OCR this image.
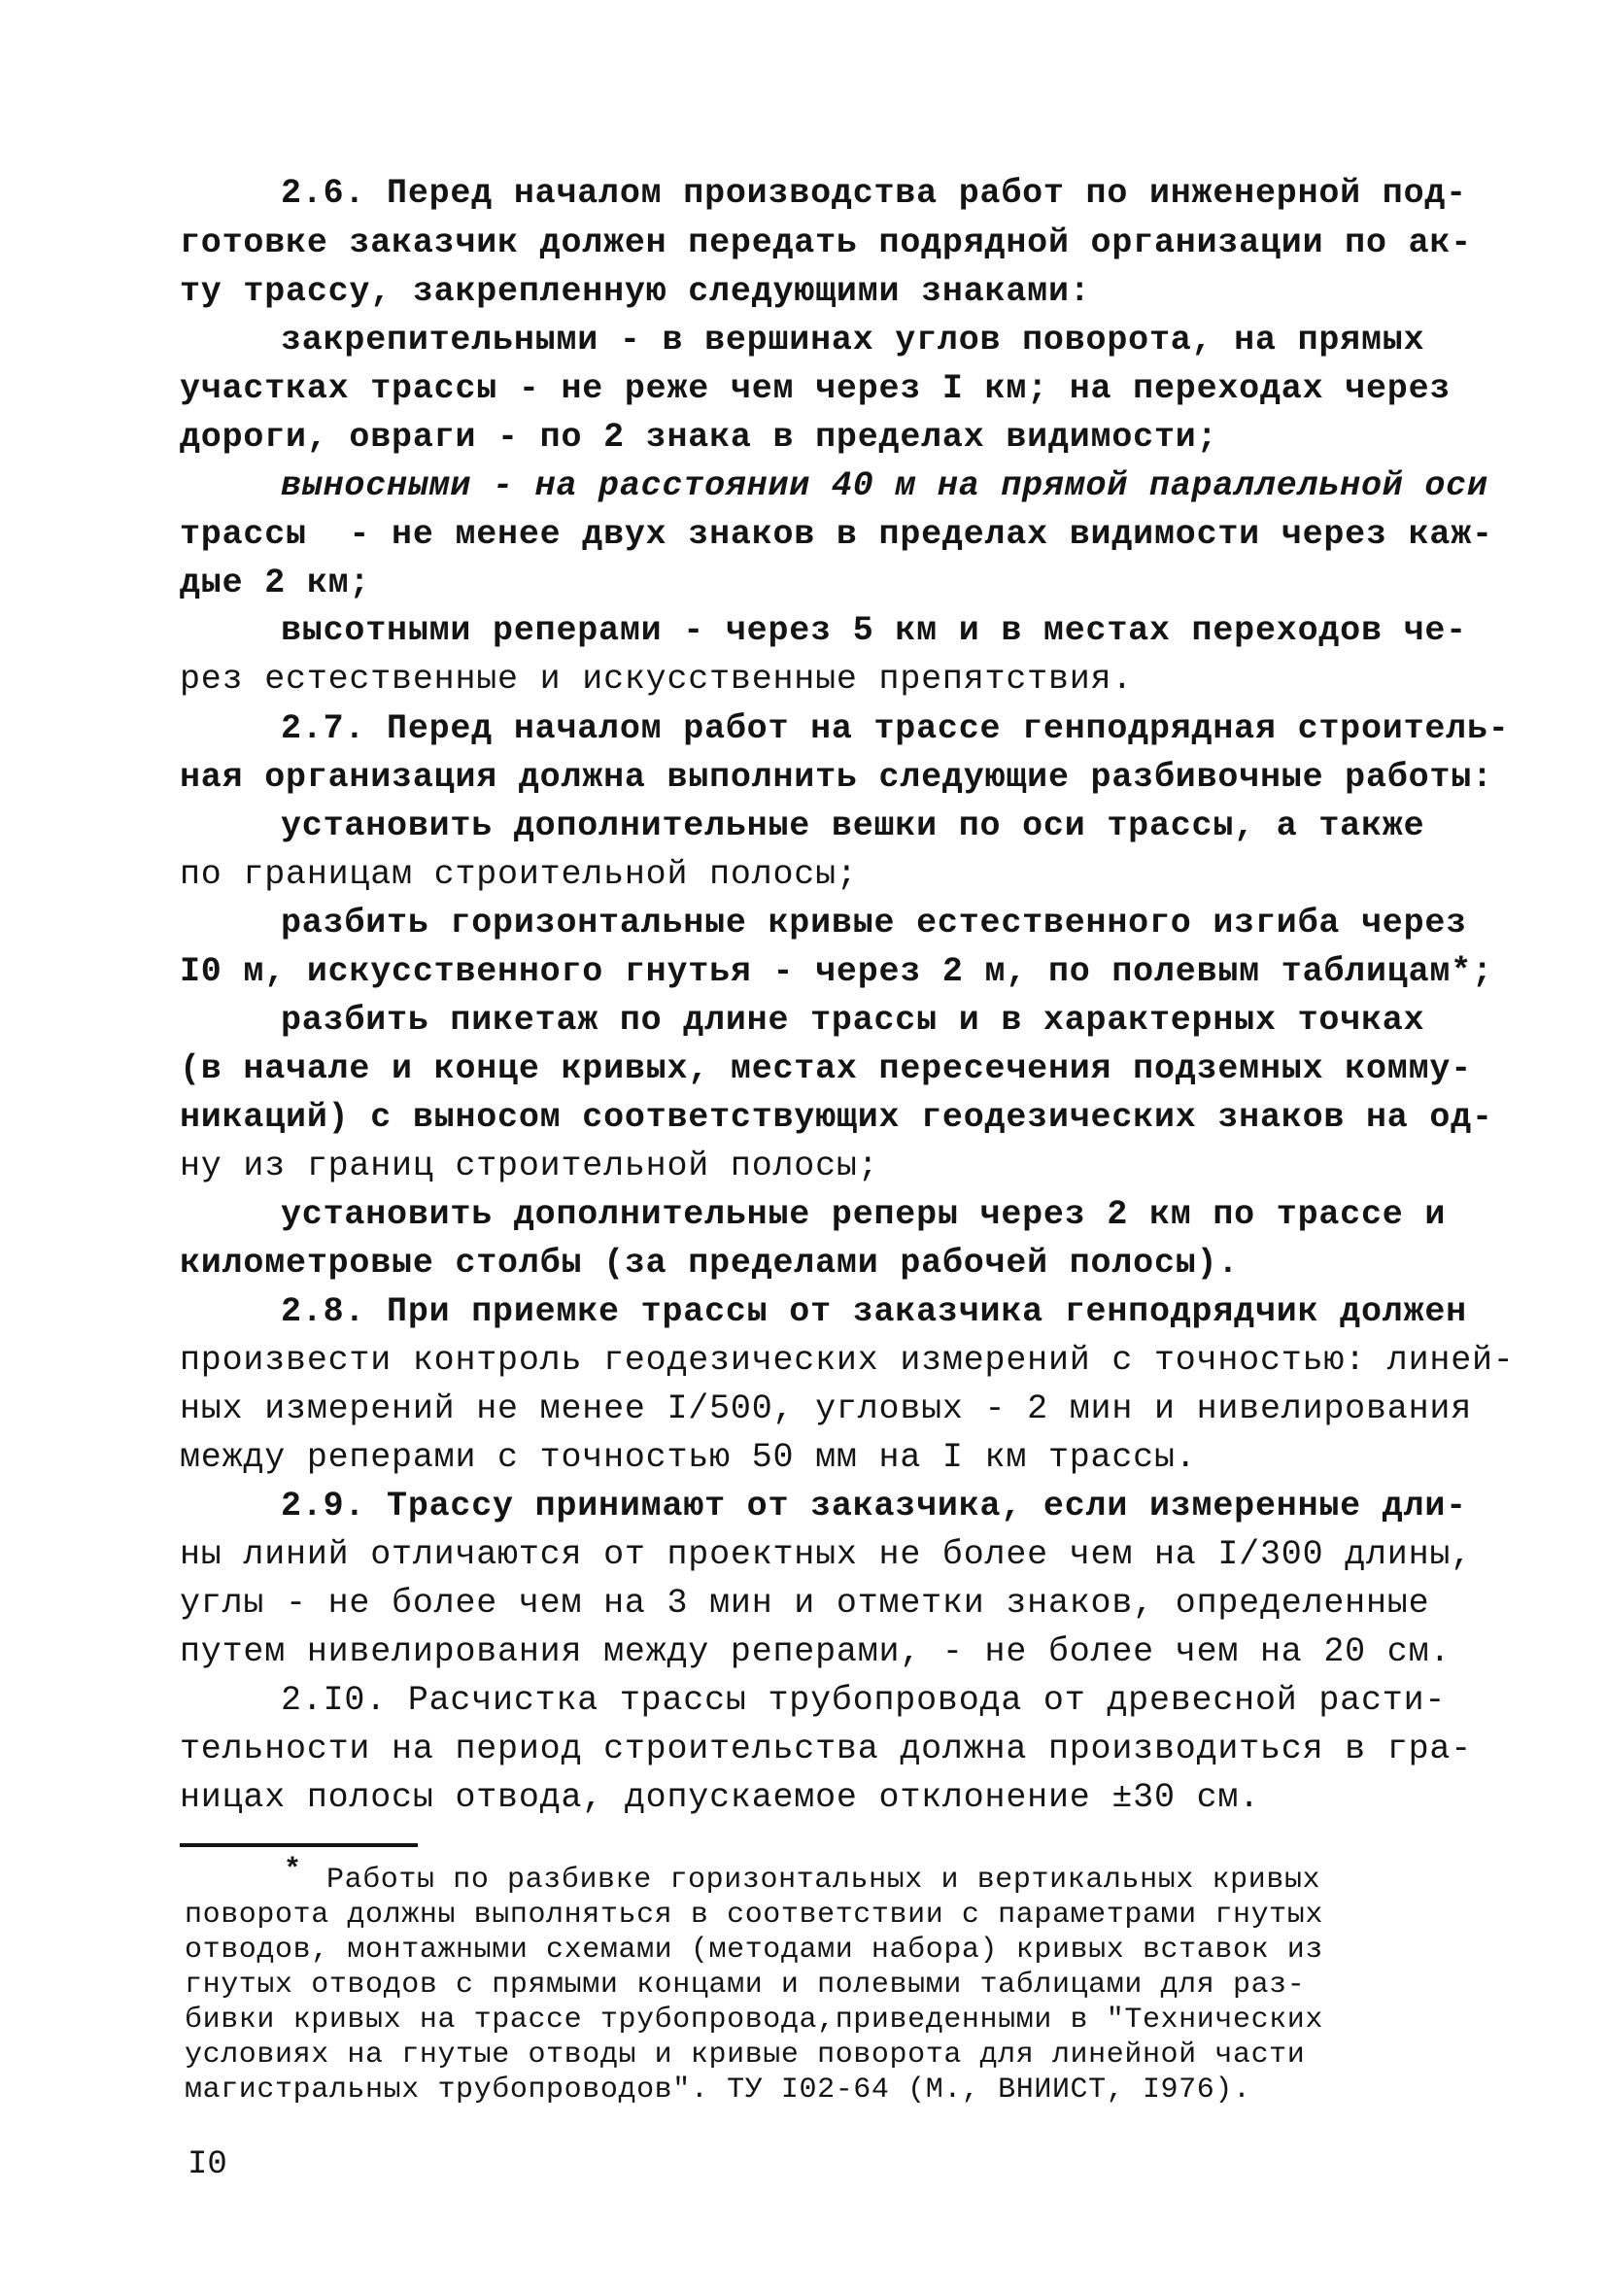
2.6. Перед началом производства работ по инженерной под-
готовке заказчик должен передать подрядной организации по ак-
ту трассу, закрепленную следующими знаками:
закрепительными - в вершинах углов поворота, на прямых
участках трассы - не реже чем через I км; на переходах через
дороги, овраги - по 2 знака в пределах видимости;
выносными - на расстоянии 40 м на прямой параллельной оси
трассы  - не менее двух знаков в пределах видимости через каж-
дые 2 км;
высотными реперами - через 5 км и в местах переходов че-
рез естественные и искусственные препятствия.
2.7. Перед началом работ на трассе генподрядная строитель-
ная организация должна выполнить следующие разбивочные работы:
установить дополнительные вешки по оси трассы, а также
по границам строительной полосы;
разбить горизонтальные кривые естественного изгиба через
I0 м, искусственного гнутья - через 2 м, по полевым таблицам*;
разбить пикетаж по длине трассы и в характерных точках
(в начале и конце кривых, местах пересечения подземных комму-
никаций) с выносом соответствующих геодезических знаков на од-
ну из границ строительной полосы;
установить дополнительные реперы через 2 км по трассе и
километровые столбы (за пределами рабочей полосы).
2.8. При приемке трассы от заказчика генподрядчик должен
произвести контроль геодезических измерений с точностью: линей-
ных измерений не менее I/500, угловых - 2 мин и нивелирования
между реперами с точностью 50 мм на I км трассы.
2.9. Трассу принимают от заказчика, если измеренные дли-
ны линий отличаются от проектных не более чем на I/300 длины,
углы - не более чем на 3 мин и отметки знаков, определенные
путем нивелирования между реперами, - не более чем на 20 см.
2.I0. Расчистка трассы трубопровода от древесной расти-
тельности на период строительства должна производиться в гра-
ницах полосы отвода, допускаемое отклонение ±30 см.
* Работы по разбивке горизонтальных и вертикальных кривых
поворота должны выполняться в соответствии с параметрами гнутых
отводов, монтажными схемами (методами набора) кривых вставок из
гнутых отводов с прямыми концами и полевыми таблицами для раз-
бивки кривых на трассе трубопровода,приведенными в "Технических
условиях на гнутые отводы и кривые поворота для линейной части
магистральных трубопроводов". ТУ I02-64 (М., ВНИИСТ, I976).
I0
